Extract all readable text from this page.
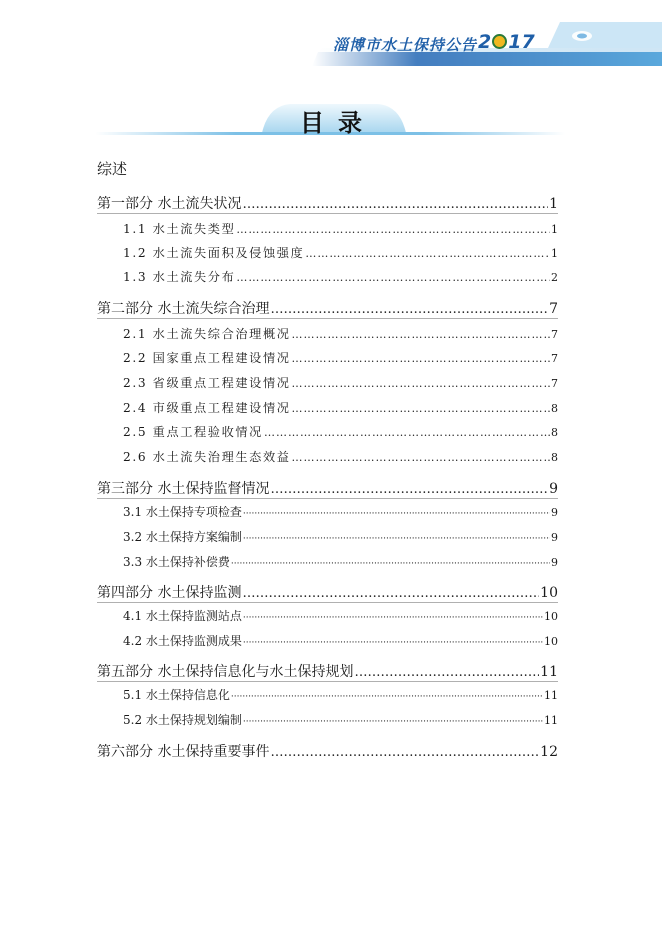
淄博市水土保持公告 2 17
目录
综述
第一部分 水土流失状况 …………………………………………………………………………………………………………………………………………………………	1
1.1 水土流失类型 …………………………………………………………………………………………………………………………………………………………	1
1.2 水土流失面积及侵蚀强度 …………………………………………………………………………………………………………………………………………………………	1
1.3 水土流失分布 …………………………………………………………………………………………………………………………………………………………	2
第二部分 水土流失综合治理 …………………………………………………………………………………………………………………………………………………………	7
2.1 水土流失综合治理概况 …………………………………………………………………………………………………………………………………………………………	7
2.2 国家重点工程建设情况 …………………………………………………………………………………………………………………………………………………………	7
2.3 省级重点工程建设情况 …………………………………………………………………………………………………………………………………………………………	7
2.4 市级重点工程建设情况 …………………………………………………………………………………………………………………………………………………………	8
2.5 重点工程验收情况 …………………………………………………………………………………………………………………………………………………………	8
2.6 水土流失治理生态效益 …………………………………………………………………………………………………………………………………………………………	8
第三部分 水土保持监督情况 …………………………………………………………………………………………………………………………………………………………	9
3.1 水土保持专项检查 ·····	9
3.2 水土保持方案编制 ·····	9
3.3 水土保持补偿费 ·····	9
第四部分 水土保持监测 …………………………………………………………………………………………………………………………………………………………	10
4.1 水土保持监测站点 ·····	10
4.2 水土保持监测成果 ·····	10
第五部分 水土保持信息化与水土保持规划 …………………………………………………………………………………………………………………………………………………………	11
5.1 水土保持信息化 ·····	11
5.2 水土保持规划编制 ·····	11
第六部分 水土保持重要事件 …………………………………………………………………………………………………………………………………………………………	12
